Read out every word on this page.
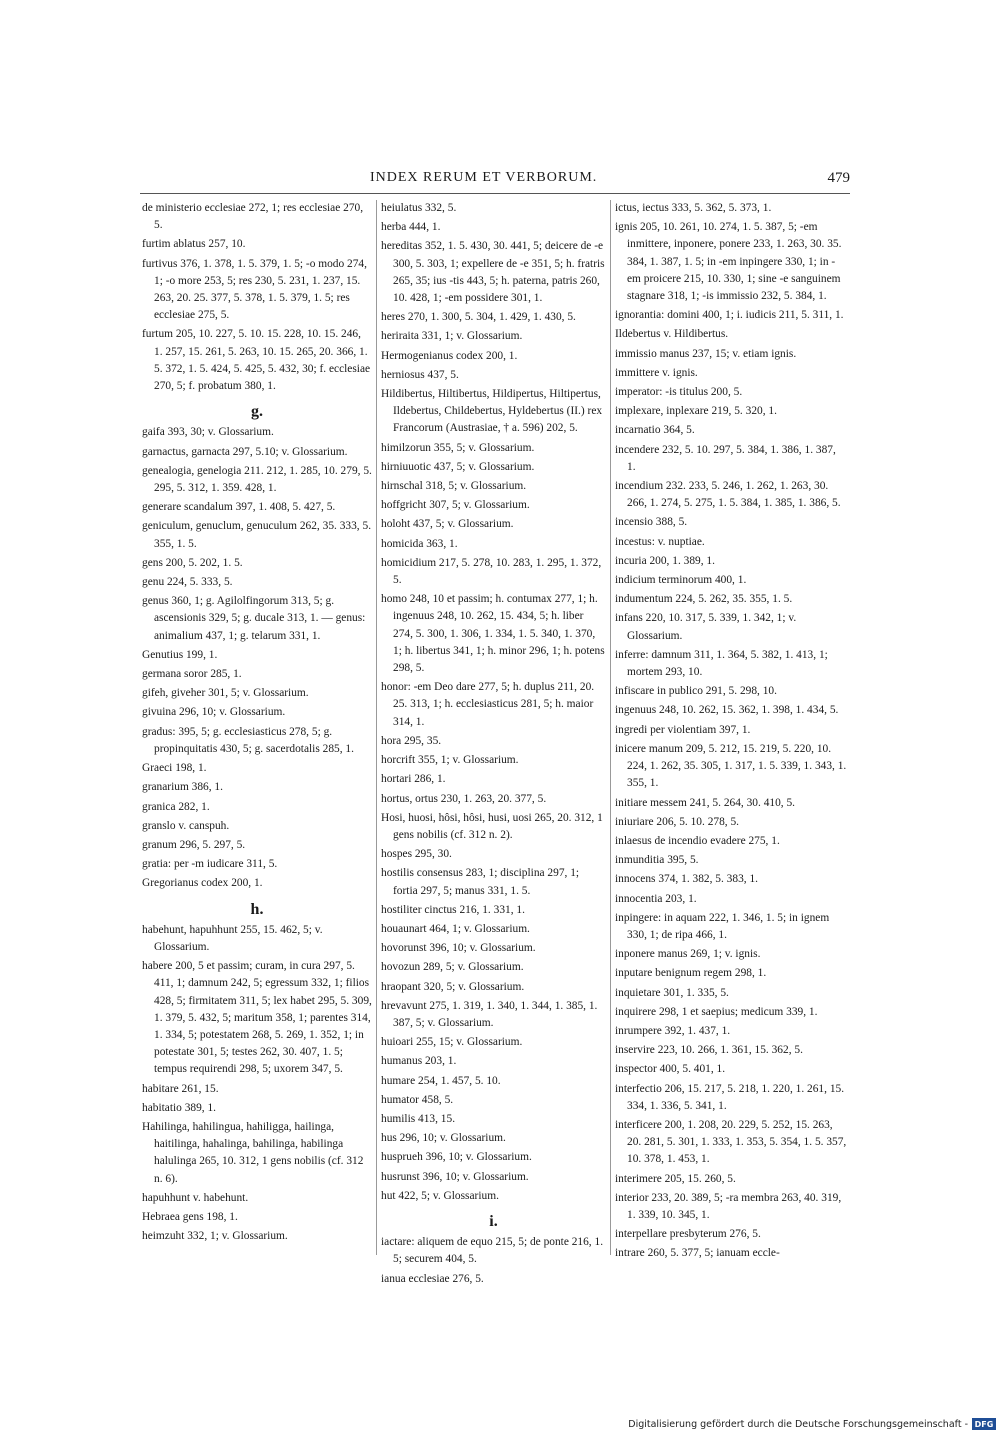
INDEX RERUM ET VERBORUM.	479
de ministerio ecclesiae 272, 1; res ecclesiae 270, 5.
furtim ablatus 257, 10.
furtivus 376, 1. 378, 1. 5. 379, 1. 5; -o modo 274, 1; -o more 253, 5; res 230, 5. 231, 1. 237, 15. 263, 20. 25. 377, 5. 378, 1. 5. 379, 1. 5; res ecclesiae 275, 5.
furtum 205, 10. 227, 5. 10. 15. 228, 10. 15. 246, 1. 257, 15. 261, 5. 263, 10. 15. 265, 20. 366, 1. 5. 372, 1. 5. 424, 5. 425, 5. 432, 30; f. ecclesiae 270, 5; f. probatum 380, 1.
g.
gaifa 393, 30; v. Glossarium.
garnactus, garnacta 297, 5.10; v. Glossarium.
genealogia, genelogia 211. 212, 1. 285, 10. 279, 5. 295, 5. 312, 1. 359. 428, 1.
generare scandalum 397, 1. 408, 5. 427, 5.
geniculum, genuclum, genuculum 262, 35. 333, 5. 355, 1. 5.
gens 200, 5. 202, 1. 5.
genu 224, 5. 333, 5.
genus 360, 1; g. Agilolfingorum 313, 5; g. ascensionis 329, 5; g. ducale 313, 1. — genus: animalium 437, 1; g. telarum 331, 1.
Genutius 199, 1.
germana soror 285, 1.
gifeh, giveher 301, 5; v. Glossarium.
givuina 296, 10; v. Glossarium.
gradus: 395, 5; g. ecclesiasticus 278, 5; g. propinquitatis 430, 5; g. sacerdotalis 285, 1.
Graeci 198, 1.
granarium 386, 1.
granica 282, 1.
granslo v. canspuh.
granum 296, 5. 297, 5.
gratia: per -m iudicare 311, 5.
Gregorianus codex 200, 1.
h.
habehunt, hapuhhunt 255, 15. 462, 5; v. Glossarium.
habere 200, 5 et passim; curam, in cura 297, 5. 411, 1; damnum 242, 5; egressum 332, 1; filios 428, 5; firmitatem 311, 5; lex habet 295, 5. 309, 1. 379, 5. 432, 5; maritum 358, 1; parentes 314, 1. 334, 5; potestatem 268, 5. 269, 1. 352, 1; in potestate 301, 5; testes 262, 30. 407, 1. 5; tempus requirendi 298, 5; uxorem 347, 5.
habitare 261, 15.
habitatio 389, 1.
Hahilinga, hahilingua, hahiligga, hailinga, haitilinga, hahalinga, bahilinga, habilinga halulinga 265, 10. 312, 1 gens nobilis (cf. 312 n. 6).
hapuhhunt v. habehunt.
Hebraea gens 198, 1.
heimzuht 332, 1; v. Glossarium.
heiulatus 332, 5.
herba 444, 1.
hereditas 352, 1. 5. 430, 30. 441, 5; deicere de -e 300, 5. 303, 1; expellere de -e 351, 5; h. fratris 265, 35; ius -tis 443, 5; h. paterna, patris 260, 10. 428, 1; -em possidere 301, 1.
heres 270, 1. 300, 5. 304, 1. 429, 1. 430, 5.
heriraita 331, 1; v. Glossarium.
Hermogenianus codex 200, 1.
herniosus 437, 5.
Hildibertus, Hiltibertus, Hildipertus, Hiltipertus, Ildebertus, Childebertus, Hyldebertus (II.) rex Francorum (Austrasiae, † a. 596) 202, 5.
himilzorun 355, 5; v. Glossarium.
hirniuuotic 437, 5; v. Glossarium.
hirnschal 318, 5; v. Glossarium.
hoffgricht 307, 5; v. Glossarium.
holoht 437, 5; v. Glossarium.
homicida 363, 1.
homicidium 217, 5. 278, 10. 283, 1. 295, 1. 372, 5.
homo 248, 10 et passim; h. contumax 277, 1; h. ingenuus 248, 10. 262, 15. 434, 5; h. liber 274, 5. 300, 1. 306, 1. 334, 1. 5. 340, 1. 370, 1; h. libertus 341, 1; h. minor 296, 1; h. potens 298, 5.
honor: -em Deo dare 277, 5; h. duplus 211, 20. 25. 313, 1; h. ecclesiasticus 281, 5; h. maior 314, 1.
hora 295, 35.
horcrift 355, 1; v. Glossarium.
hortari 286, 1.
hortus, ortus 230, 1. 263, 20. 377, 5.
Hosi, huosi, hôsi, hôsi, husi, uosi 265, 20. 312, 1 gens nobilis (cf. 312 n. 2).
hospes 295, 30.
hostilis consensus 283, 1; disciplina 297, 1; fortia 297, 5; manus 331, 1. 5.
hostiliter cinctus 216, 1. 331, 1.
houaunart 464, 1; v. Glossarium.
hovorunst 396, 10; v. Glossarium.
hovozun 289, 5; v. Glossarium.
hraopant 320, 5; v. Glossarium.
hrevavunt 275, 1. 319, 1. 340, 1. 344, 1. 385, 1. 387, 5; v. Glossarium.
huioari 255, 15; v. Glossarium.
humanus 203, 1.
humare 254, 1. 457, 5. 10.
humator 458, 5.
humilis 413, 15.
hus 296, 10; v. Glossarium.
husprueh 396, 10; v. Glossarium.
husrunst 396, 10; v. Glossarium.
hut 422, 5; v. Glossarium.
i.
iactare: aliquem de equo 215, 5; de ponte 216, 1. 5; securem 404, 5.
ianua ecclesiae 276, 5.
ictus, iectus 333, 5. 362, 5. 373, 1.
ignis 205, 10. 261, 10. 274, 1. 5. 387, 5; -em inmittere, inponere, ponere 233, 1. 263, 30. 35. 384, 1. 387, 1. 5; in -em inpingere 330, 1; in -em proicere 215, 10. 330, 1; sine -e sanguinem stagnare 318, 1; -is immissio 232, 5. 384, 1.
ignorantia: domini 400, 1; i. iudicis 211, 5. 311, 1.
Ildebertus v. Hildibertus.
immissio manus 237, 15; v. etiam ignis.
immittere v. ignis.
imperator: -is titulus 200, 5.
implexare, inplexare 219, 5. 320, 1.
incarnatio 364, 5.
incendere 232, 5. 10. 297, 5. 384, 1. 386, 1. 387, 1.
incendium 232. 233, 5. 246, 1. 262, 1. 263, 30. 266, 1. 274, 5. 275, 1. 5. 384, 1. 385, 1. 386, 5.
incensio 388, 5.
incestus: v. nuptiae.
incuria 200, 1. 389, 1.
indicium terminorum 400, 1.
indumentum 224, 5. 262, 35. 355, 1. 5.
infans 220, 10. 317, 5. 339, 1. 342, 1; v. Glossarium.
inferre: damnum 311, 1. 364, 5. 382, 1. 413, 1; mortem 293, 10.
infiscare in publico 291, 5. 298, 10.
ingenuus 248, 10. 262, 15. 362, 1. 398, 1. 434, 5.
ingredi per violentiam 397, 1.
inicere manum 209, 5. 212, 15. 219, 5. 220, 10. 224, 1. 262, 35. 305, 1. 317, 1. 5. 339, 1. 343, 1. 355, 1.
initiare messem 241, 5. 264, 30. 410, 5.
iniuriare 206, 5. 10. 278, 5.
inlaesus de incendio evadere 275, 1.
inmunditia 395, 5.
innocens 374, 1. 382, 5. 383, 1.
innocentia 203, 1.
inpingere: in aquam 222, 1. 346, 1. 5; in ignem 330, 1; de ripa 466, 1.
inponere manus 269, 1; v. ignis.
inputare benignum regem 298, 1.
inquietare 301, 1. 335, 5.
inquirere 298, 1 et saepius; medicum 339, 1.
inrumpere 392, 1. 437, 1.
inservire 223, 10. 266, 1. 361, 15. 362, 5.
inspector 400, 5. 401, 1.
interfectio 206, 15. 217, 5. 218, 1. 220, 1. 261, 15. 334, 1. 336, 5. 341, 1.
interficere 200, 1. 208, 20. 229, 5. 252, 15. 263, 20. 281, 5. 301, 1. 333, 1. 353, 5. 354, 1. 5. 357, 10. 378, 1. 453, 1.
interimere 205, 15. 260, 5.
interior 233, 20. 389, 5; -ra membra 263, 40. 319, 1. 339, 10. 345, 1.
interpellare presbyterum 276, 5.
intrare 260, 5. 377, 5; ianuam eccle-
Digitalisierung gefördert durch die Deutsche Forschungsgemeinschaft - DFG
